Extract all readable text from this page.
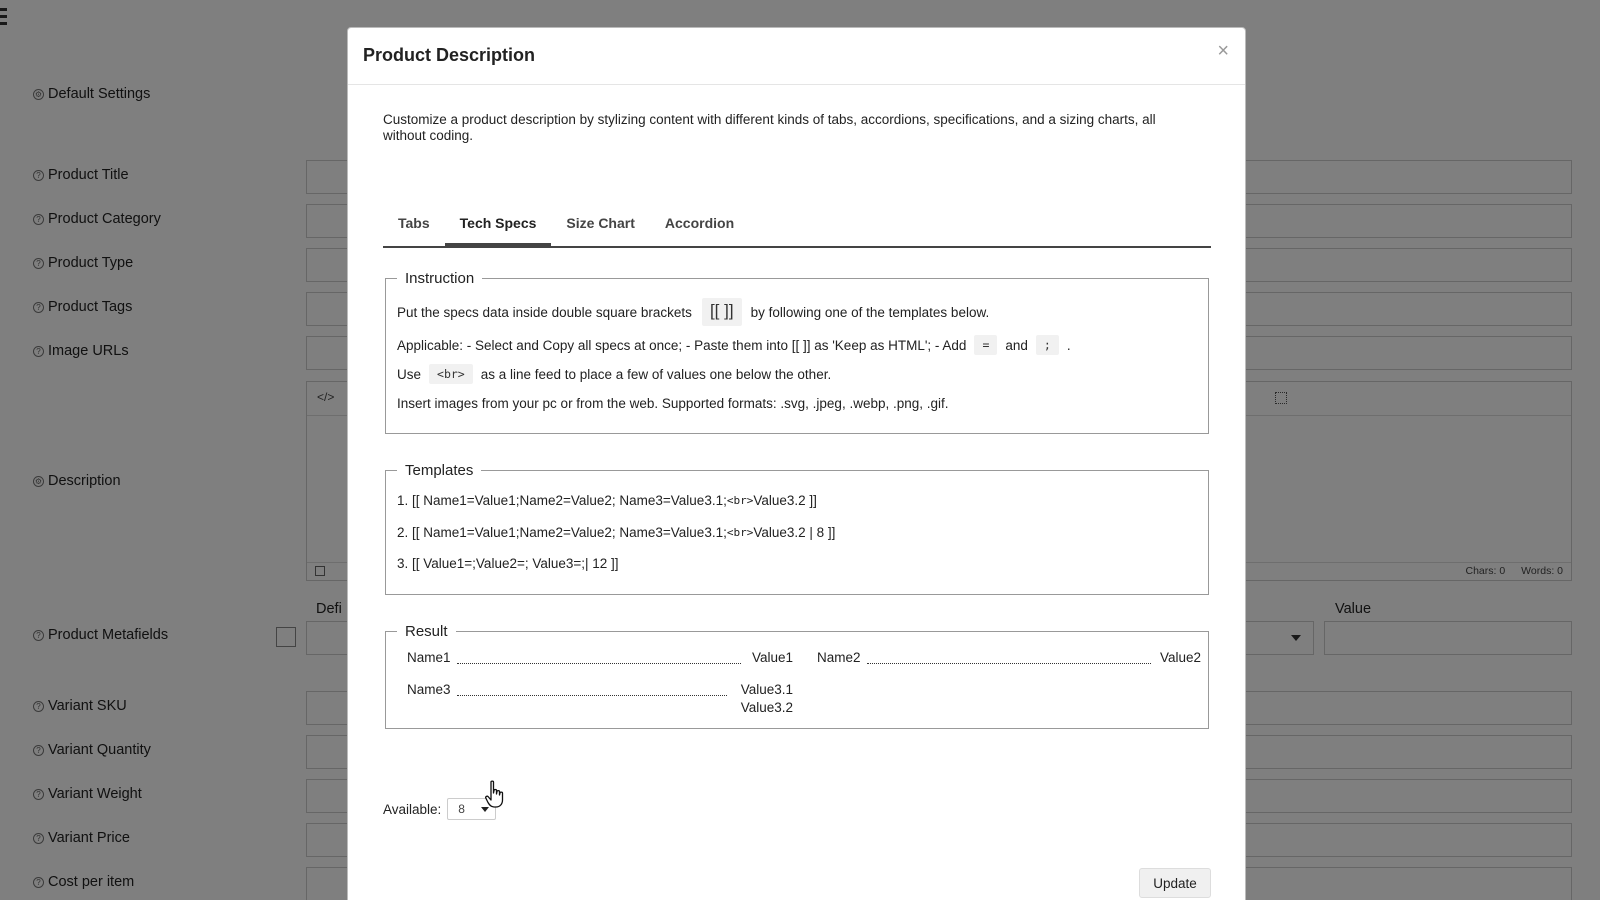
Product Description	×
Customize a product description by stylizing content with different kinds of tabs, accordions, specifications, and a sizing charts, all without coding.
Tabs	Tech Specs	Size Chart	Accordion
Instruction
Put the specs data inside double square brackets	[[ ]]	by following one of the templates below.
Applicable: - Select and Copy all specs at once; - Paste them into [[ ]] as 'Keep as HTML'; - Add	=	and	;	.
Use	<br>	as a line feed to place a few of values one below the other.
Insert images from your pc or from the web. Supported formats: .svg, .jpeg, .webp, .png, .gif.
Templates
1. [[ Name1=Value1;Name2=Value2; Name3=Value3.1; <br> Value3.2 ]]
2. [[ Name1=Value1;Name2=Value2; Name3=Value3.1; <br> Value3.2 | 8 ]]
3. [[ Value1=;Value2=; Value3=;| 12 ]]
Result
Name1	Value1 Name2	Value2
Name3	Value3.1
Value3.2
Available:	8
Update
